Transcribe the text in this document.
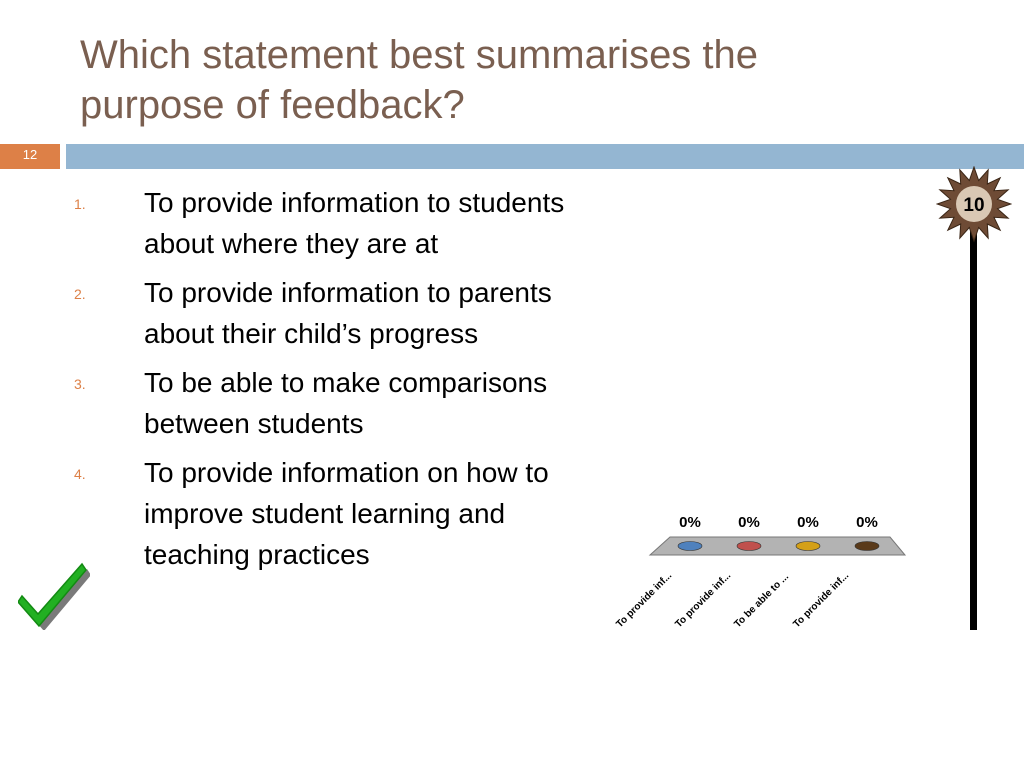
Which statement best summarises the purpose of feedback?
12
1. To provide information to students about where they are at
2. To provide information to parents about their child’s progress
3. To be able to make comparisons between students
4. To provide information on how to improve student learning and teaching practices
0%
To provide inf...
0%
To provide inf...
0%
To be able to ...
0%
To provide inf...
10
